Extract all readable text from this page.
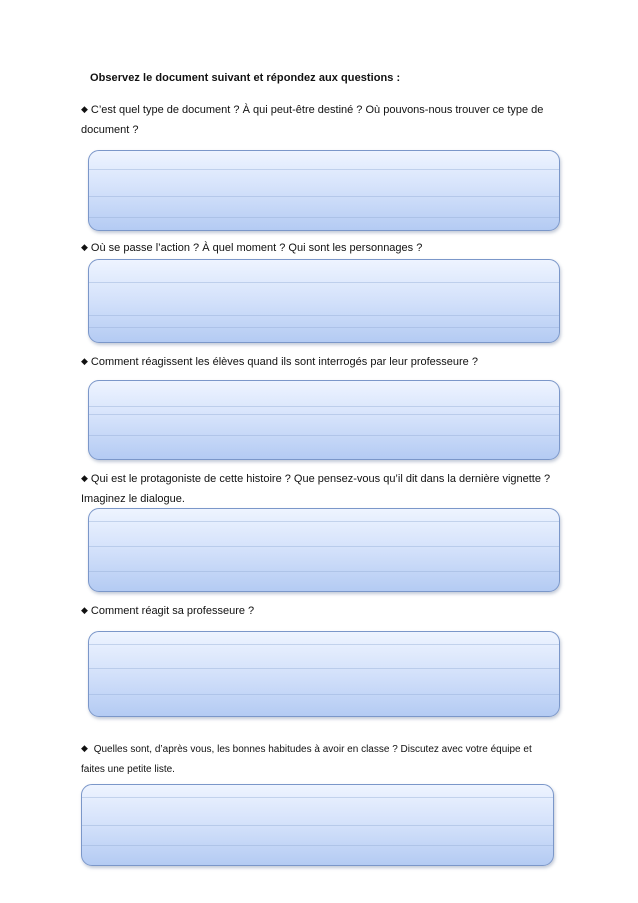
Observez le document suivant et répondez aux questions :
◆ C’est quel type de document ? À qui peut-être destiné ? Où pouvons-nous trouver ce type de document ?
◆ Où se passe l’action ? À quel moment ? Qui sont les personnages ?
◆ Comment réagissent les élèves quand ils sont interrogés par leur professeure ?
◆ Qui est le protagoniste de cette histoire ? Que pensez-vous qu’il dit dans la dernière vignette ? Imaginez le dialogue.
◆ Comment réagit sa professeure ?
◆ Quelles sont, d’après vous, les bonnes habitudes à avoir en classe ? Discutez avec votre équipe et faites une petite liste.
